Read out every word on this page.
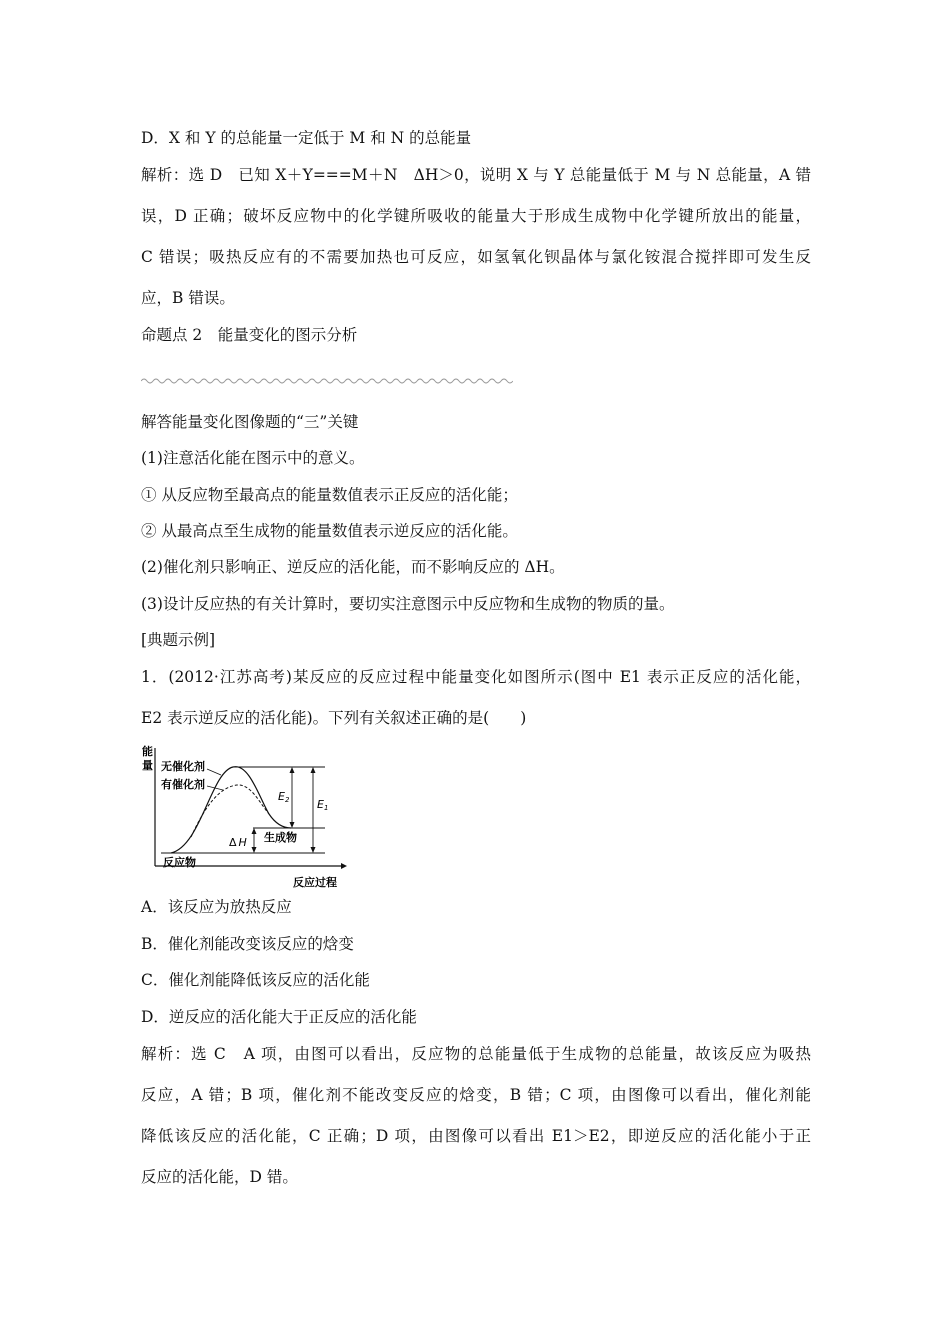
D．X 和 Y 的总能量一定低于 M 和 N 的总能量
解析：选 D　已知 X＋Y===M＋N　ΔH＞0，说明 X 与 Y 总能量低于 M 与 N 总能量，A 错
误，D 正确；破坏反应物中的化学键所吸收的能量大于形成生成物中化学键所放出的能量，
C 错误；吸热反应有的不需要加热也可反应，如氢氧化钡晶体与氯化铵混合搅拌即可发生反
应，B 错误。
命题点 2　能量变化的图示分析
解答能量变化图像题的“三”关键
(1)注意活化能在图示中的意义。
① 从反应物至最高点的能量数值表示正反应的活化能；
② 从最高点至生成物的能量数值表示逆反应的活化能。
(2)催化剂只影响正、逆反应的活化能，而不影响反应的 ΔH。
(3)设计反应热的有关计算时，要切实注意图示中反应物和生成物的物质的量。
[典题示例]
1．(2012·江苏高考)某反应的反应过程中能量变化如图所示(图中 E1 表示正反应的活化能，
E2 表示逆反应的活化能)。下列有关叙述正确的是(　　)
能
量
反应过程
反应物
生成物
无催化剂
有催化剂
E2	E1
Δ H
A．该反应为放热反应
B．催化剂能改变该反应的焓变
C．催化剂能降低该反应的活化能
D．逆反应的活化能大于正反应的活化能
解析：选 C　A 项，由图可以看出，反应物的总能量低于生成物的总能量，故该反应为吸热
反应，A 错；B 项，催化剂不能改变反应的焓变，B 错；C 项，由图像可以看出，催化剂能
降低该反应的活化能，C 正确；D 项，由图像可以看出 E1＞E2，即逆反应的活化能小于正
反应的活化能，D 错。
